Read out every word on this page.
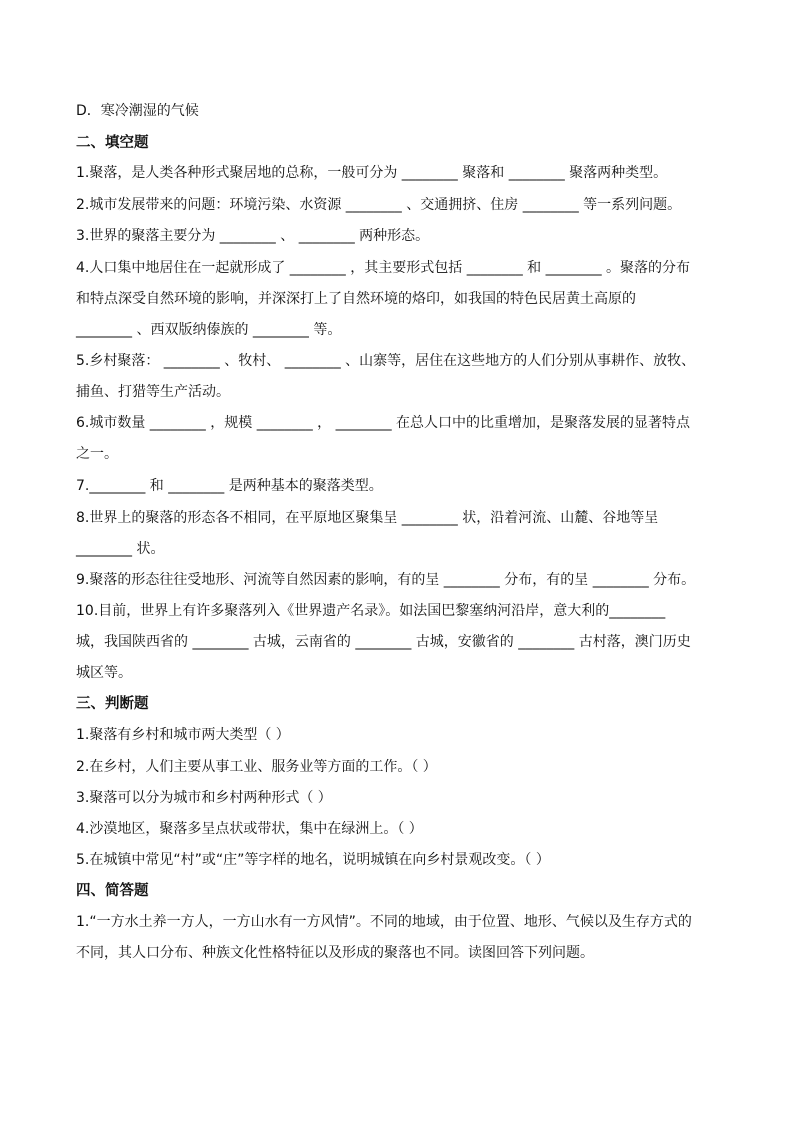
D．寒冷潮湿的气候
二、填空题
1.聚落，是人类各种形式聚居地的总称，一般可分为 ________ 聚落和 ________ 聚落两种类型。
2.城市发展带来的问题：环境污染、水资源 ________ 、交通拥挤、住房 ________ 等一系列问题。
3.世界的聚落主要分为 ________ 、 ________ 两种形态。
4.人口集中地居住在一起就形成了 ________ ，其主要形式包括 ________ 和 ________ 。聚落的分布
和特点深受自然环境的影响，并深深打上了自然环境的烙印，如我国的特色民居黄土高原的
________ 、西双版纳傣族的 ________ 等。
5.乡村聚落： ________ 、牧村、 ________ 、山寨等，居住在这些地方的人们分别从事耕作、放牧、
捕鱼、打猎等生产活动。
6.城市数量 ________ ，规模 ________ ， ________ 在总人口中的比重增加，是聚落发展的显著特点
之一。
7.________ 和 ________ 是两种基本的聚落类型。
8.世界上的聚落的形态各不相同，在平原地区聚集呈 ________ 状，沿着河流、山麓、谷地等呈
________ 状。
9.聚落的形态往往受地形、河流等自然因素的影响，有的呈 ________ 分布，有的呈 ________ 分布。
10.目前，世界上有许多聚落列入《世界遗产名录》。如法国巴黎塞纳河沿岸，意大利的________
城，我国陕西省的 ________ 古城，云南省的 ________ 古城，安徽省的 ________ 古村落，澳门历史
城区等。
三、判断题
1.聚落有乡村和城市两大类型（ ）
2.在乡村，人们主要从事工业、服务业等方面的工作。（ ）
3.聚落可以分为城市和乡村两种形式（ ）
4.沙漠地区，聚落多呈点状或带状，集中在绿洲上。（ ）
5.在城镇中常见“村”或“庄”等字样的地名，说明城镇在向乡村景观改变。（ ）
四、简答题
1.“一方水土养一方人，一方山水有一方风情”。不同的地域，由于位置、地形、气候以及生存方式的
不同，其人口分布、种族文化性格特征以及形成的聚落也不同。读图回答下列问题。
